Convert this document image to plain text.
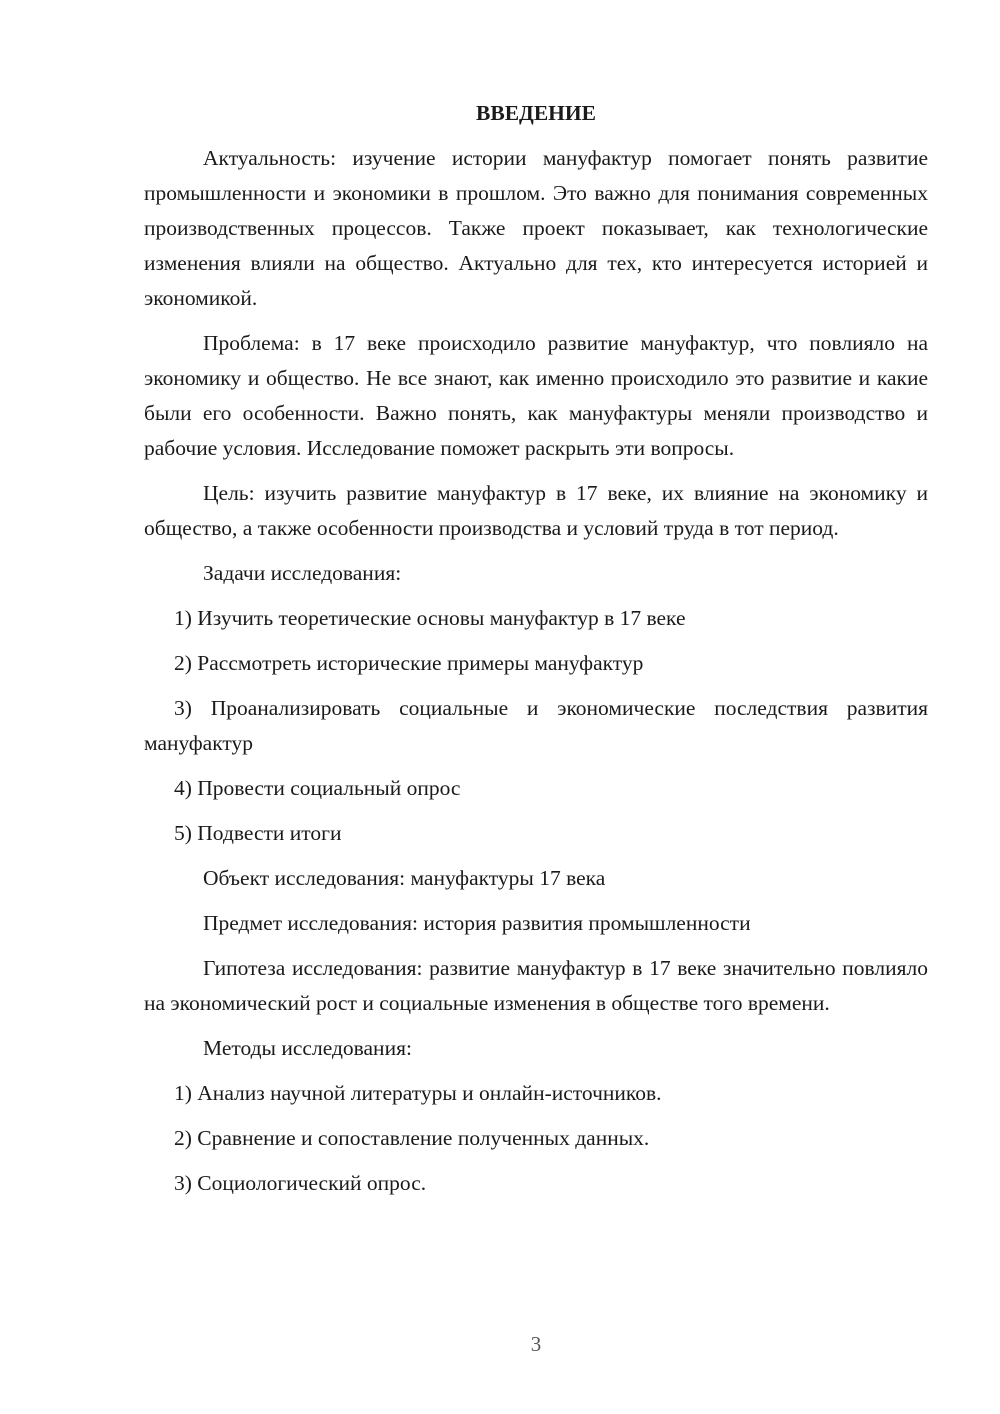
ВВЕДЕНИЕ

Актуальность: изучение истории мануфактур помогает понять развитие промышленности и экономики в прошлом. Это важно для понимания современных производственных процессов. Также проект показывает, как технологические изменения влияли на общество. Актуально для тех, кто интересуется историей и экономикой.

Проблема: в 17 веке происходило развитие мануфактур, что повлияло на экономику и общество. Не все знают, как именно происходило это развитие и какие были его особенности. Важно понять, как мануфактуры меняли производство и рабочие условия. Исследование поможет раскрыть эти вопросы.

Цель: изучить развитие мануфактур в 17 веке, их влияние на экономику и общество, а также особенности производства и условий труда в тот период.

Задачи исследования:

1) Изучить теоретические основы мануфактур в 17 веке

2) Рассмотреть исторические примеры мануфактур

3) Проанализировать социальные и экономические последствия развития мануфактур

4) Провести социальный опрос

5) Подвести итоги

Объект исследования: мануфактуры 17 века

Предмет исследования: история развития промышленности

Гипотеза исследования: развитие мануфактур в 17 веке значительно повлияло на экономический рост и социальные изменения в обществе того времени.

Методы исследования:

1) Анализ научной литературы и онлайн-источников.

2) Сравнение и сопоставление полученных данных.

3) Социологический опрос.

3
